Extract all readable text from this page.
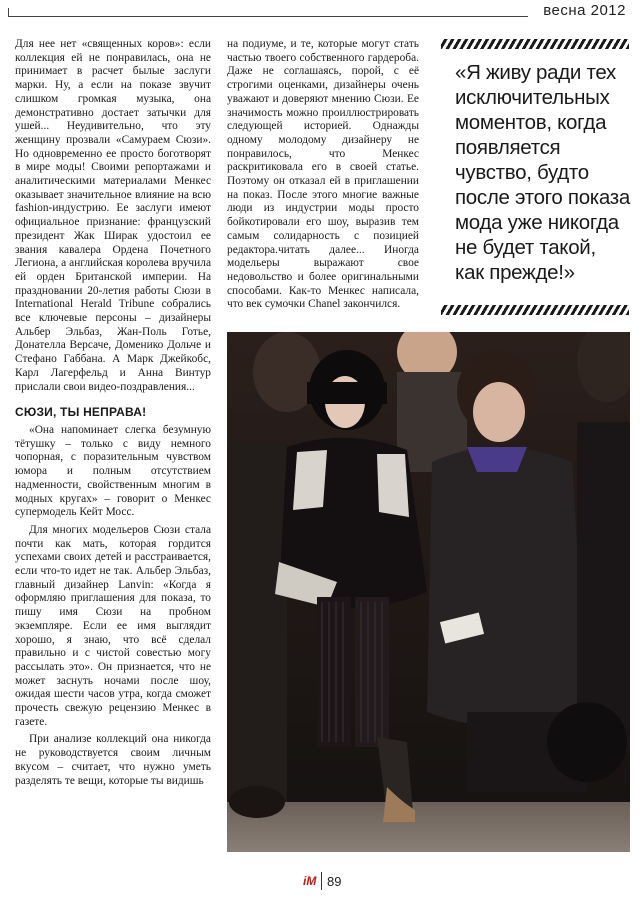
весна 2012

Для нее нет «священных коров»: если коллекция ей не понравилась, она не принимает в расчет былые заслуги марки. Ну, а если на показе звучит слишком громкая музыка, она демонстративно достает затычки для ушей... Неудивительно, что эту женщину прозвали «Самураем Сюзи». Но одновременно ее просто боготворят в мире моды! Своими репортажами и аналитическими материалами Менкес оказывает значительное влияние на всю fashion-индустрию. Ее заслуги имеют официальное признание: французский президент Жак Ширак удостоил ее звания кавалера Ордена Почетного Легиона, а английская королева вручила ей орден Британской империи. На праздновании 20-летия работы Сюзи в International Herald Tribune собрались все ключевые персоны – дизайнеры Альбер Эльбаз, Жан-Поль Готье, Донателла Версаче, Доменико Дольче и Стефано Габбана. А Марк Джейкобс, Карл Лагерфельд и Анна Винтур прислали свои видео-поздравления...

СЮЗИ, ТЫ НЕПРАВА!

«Она напоминает слегка безумную тётушку – только с виду немного чопорная, с поразительным чувством юмора и полным отсутствием надменности, свойственным многим в модных кругах» – говорит о Менкес супермодель Кейт Мосс.

Для многих модельеров Сюзи стала почти как мать, которая гордится успехами своих детей и расстраивается, если что-то идет не так. Альбер Эльбаз, главный дизайнер Lanvin: «Когда я оформляю приглашения для показа, то пишу имя Сюзи на пробном экземпляре. Если ее имя выглядит хорошо, я знаю, что всё сделал правильно и с чистой совестью могу рассылать это». Он признается, что не может заснуть ночами после шоу, ожидая шести часов утра, когда сможет прочесть свежую рецензию Менкес в газете.

При анализе коллекций она никогда не руководствуется своим личным вкусом – считает, что нужно уметь разделять те вещи, которые ты видишь

на подиуме, и те, которые могут стать частью твоего собственного гардероба. Даже не соглашаясь, порой, с её строгими оценками, дизайнеры очень уважают и доверяют мнению Сюзи. Ее значимость можно проиллюстрировать следующей историей. Однажды одному молодому дизайнеру не понравилось, что Менкес раскритиковала его в своей статье. Поэтому он отказал ей в приглашении на показ. После этого многие важные люди из индустрии моды просто бойкотировали его шоу, выразив тем самым солидарность с позицией редактора.читать далее... Иногда модельеры выражают свое недовольство и более оригинальными способами. Как-то Менкес написала, что век сумочки Chanel закончился.

«Я живу ради тех исключительных моментов, когда появляется чувство, будто после этого показа мода уже никогда не будет такой, как прежде!»
iM 89
